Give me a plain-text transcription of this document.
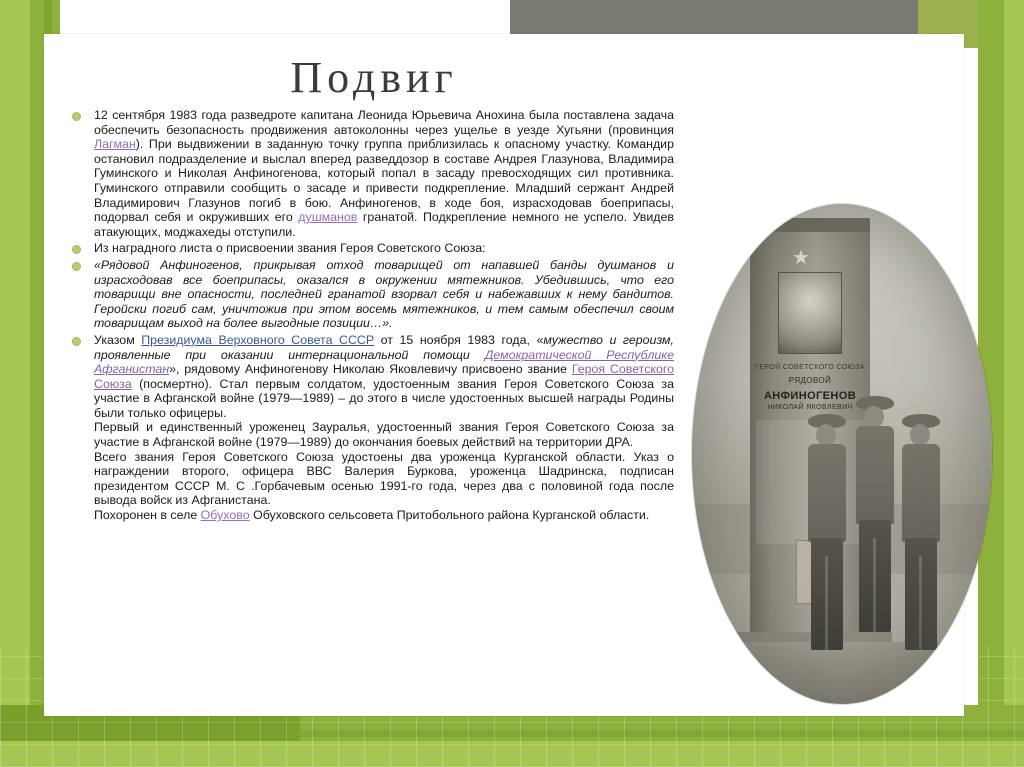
Подвиг
12 сентября 1983 года разведроте капитана Леонида Юрьевича Анохина была поставлена задача обеспечить безопасность продвижения автоколонны через ущелье в уезде Хугьяни (провинция Лагман). При выдвижении в заданную точку группа приблизилась к опасному участку. Командир остановил подразделение и выслал вперед разведдозор в составе Андрея Глазунова, Владимира Гуминского и Николая Анфиногенова, который попал в засаду превосходящих сил противника. Гуминского отправили сообщить о засаде и привести подкрепление. Младший сержант Андрей Владимирович Глазунов погиб в бою. Анфиногенов, в ходе боя, израсходовав боеприпасы, подорвал себя и окруживших его душманов гранатой. Подкрепление немного не успело. Увидев атакующих, моджахеды отступили.
Из наградного листа о присвоении звания Героя Советского Союза:
«Рядовой Анфиногенов, прикрывая отход товарищей от напавшей банды душманов и израсходовав все боеприпасы, оказался в окружении мятежников. Убедившись, что его товарищи вне опасности, последней гранатой взорвал себя и набежавших к нему бандитов. Геройски погиб сам, уничтожив при этом восемь мятежников, и тем самым обеспечил своим товарищам выход на более выгодные позиции…».
Указом Президиума Верховного Совета СССР от 15 ноября 1983 года, «мужество и героизм, проявленные при оказании интернациональной помощи Демократической Республике Афганистан», рядовому Анфиногенову Николаю Яковлевичу присвоено звание Героя Советского Союза (посмертно). Стал первым солдатом, удостоенным звания Героя Советского Союза за участие в Афганской войне (1979—1989) – до этого в числе удостоенных высшей награды Родины были только офицеры.
Первый и единственный уроженец Зауралья, удостоенный звания Героя Советского Союза за участие в Афганской войне (1979—1989) до окончания боевых действий на территории ДРА.
Всего звания Героя Советского Союза удостоены два уроженца Курганской области. Указ о награждении второго, офицера ВВС Валерия Буркова, уроженца Шадринска, подписан президентом СССР М. С .Горбачевым осенью 1991-го года, через два с половиной года после вывода войск из Афганистана.
Похоронен в селе Обухово Обуховского сельсовета Притобольного района Курганской области.
★
ГЕРОЙ СОВЕТСКОГО СОЮЗА
РЯДОВОЙ
АНФИНОГЕНОВ
НИКОЛАЙ ЯКОВЛЕВИЧ
